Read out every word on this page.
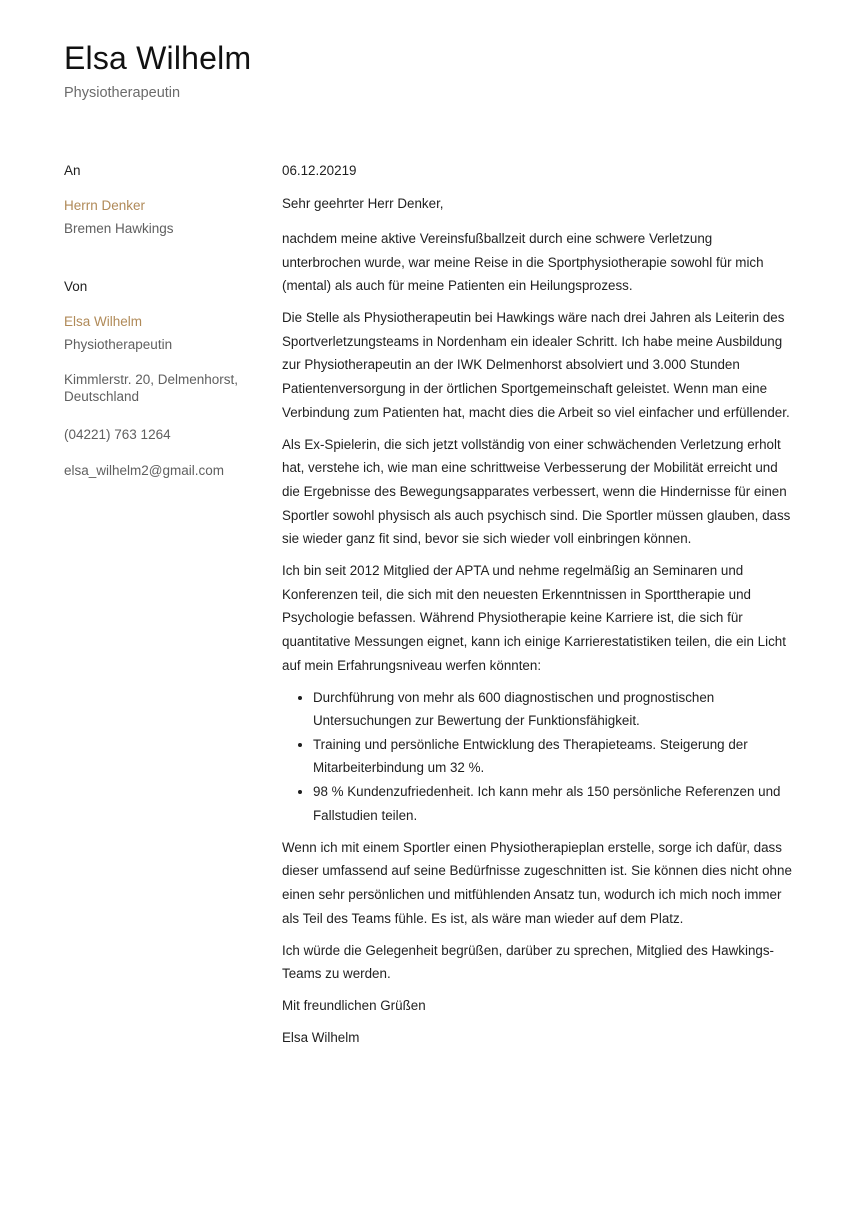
Elsa Wilhelm
Physiotherapeutin
An
Herrn Denker
Bremen Hawkings
Von
Elsa Wilhelm
Physiotherapeutin
Kimmlerstr. 20, Delmenhorst,
Deutschland
(04221) 763 1264
elsa_wilhelm2@gmail.com

06.12.20219

Sehr geehrter Herr Denker,

nachdem meine aktive Vereinsfußballzeit durch eine schwere Verletzung unterbrochen wurde, war meine Reise in die Sportphysiotherapie sowohl für mich (mental) als auch für meine Patienten ein Heilungsprozess.

Die Stelle als Physiotherapeutin bei Hawkings wäre nach drei Jahren als Leiterin des Sportverletzungsteams in Nordenham ein idealer Schritt. Ich habe meine Ausbildung zur Physiotherapeutin an der IWK Delmenhorst absolviert und 3.000 Stunden Patientenversorgung in der örtlichen Sportgemeinschaft geleistet. Wenn man eine Verbindung zum Patienten hat, macht dies die Arbeit so viel einfacher und erfüllender.

Als Ex-Spielerin, die sich jetzt vollständig von einer schwächenden Verletzung erholt hat, verstehe ich, wie man eine schrittweise Verbesserung der Mobilität erreicht und die Ergebnisse des Bewegungsapparates verbessert, wenn die Hindernisse für einen Sportler sowohl physisch als auch psychisch sind. Die Sportler müssen glauben, dass sie wieder ganz fit sind, bevor sie sich wieder voll einbringen können.

Ich bin seit 2012 Mitglied der APTA und nehme regelmäßig an Seminaren und Konferenzen teil, die sich mit den neuesten Erkenntnissen in Sporttherapie und Psychologie befassen. Während Physiotherapie keine Karriere ist, die sich für quantitative Messungen eignet, kann ich einige Karrierestatistiken teilen, die ein Licht auf mein Erfahrungsniveau werfen könnten:

• Durchführung von mehr als 600 diagnostischen und prognostischen Untersuchungen zur Bewertung der Funktionsfähigkeit.
• Training und persönliche Entwicklung des Therapieteams. Steigerung der Mitarbeiterbindung um 32 %.
• 98 % Kundenzufriedenheit. Ich kann mehr als 150 persönliche Referenzen und Fallstudien teilen.

Wenn ich mit einem Sportler einen Physiotherapieplan erstelle, sorge ich dafür, dass dieser umfassend auf seine Bedürfnisse zugeschnitten ist. Sie können dies nicht ohne einen sehr persönlichen und mitfühlenden Ansatz tun, wodurch ich mich noch immer als Teil des Teams fühle. Es ist, als wäre man wieder auf dem Platz.

Ich würde die Gelegenheit begrüßen, darüber zu sprechen, Mitglied des Hawkings-Teams zu werden.

Mit freundlichen Grüßen

Elsa Wilhelm
